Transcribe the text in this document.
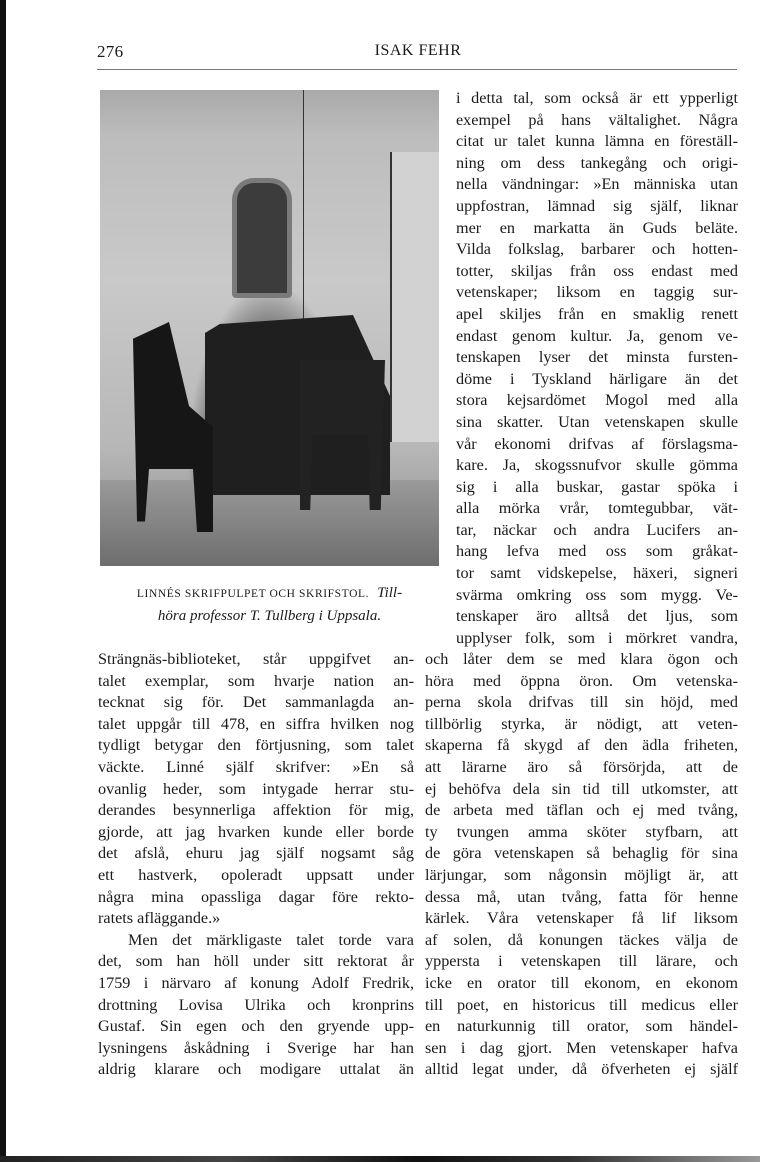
276	ISAK FEHR
LINNÉS SKRIFPULPET OCH SKRIFSTOL. Till-
höra professor T. Tullberg i Uppsala.
i detta tal, som också är ett ypperligt
exempel på hans vältalighet. Några
citat ur talet kunna lämna en föreställ-
ning om dess tankegång och origi-
nella vändningar: »En människa utan
uppfostran, lämnad sig själf, liknar
mer en markatta än Guds beläte.
Vilda folkslag, barbarer och hotten-
totter, skiljas från oss endast med
vetenskaper; liksom en taggig sur-
apel skiljes från en smaklig renett
endast genom kultur. Ja, genom ve-
tenskapen lyser det minsta fursten-
döme i Tyskland härligare än det
stora kejsardömet Mogol med alla
sina skatter. Utan vetenskapen skulle
vår ekonomi drifvas af förslagsma-
kare. Ja, skogssnufvor skulle gömma
sig i alla buskar, gastar spöka i
alla mörka vrår, tomtegubbar, vät-
tar, näckar och andra Lucifers an-
hang lefva med oss som gråkat-
tor samt vidskepelse, häxeri, signeri
svärma omkring oss som mygg. Ve-
tenskaper äro alltså det ljus, som
upplyser folk, som i mörkret vandra,
Strängnäs-biblioteket, står uppgifvet an-
talet exemplar, som hvarje nation an-
tecknat sig för. Det sammanlagda an-
talet uppgår till 478, en siffra hvilken nog
tydligt betygar den förtjusning, som talet
väckte. Linné själf skrifver: »En så
ovanlig heder, som intygade herrar stu-
derandes besynnerliga affektion för mig,
gjorde, att jag hvarken kunde eller borde
det afslå, ehuru jag själf nogsamt såg
ett hastverk, opoleradt uppsatt under
några mina opassliga dagar före rekto-
ratets afläggande.»
Men det märkligaste talet torde vara
det, som han höll under sitt rektorat år
1759 i närvaro af konung Adolf Fredrik,
drottning Lovisa Ulrika och kronprins
Gustaf. Sin egen och den gryende upp-
lysningens åskådning i Sverige har han
aldrig klarare och modigare uttalat än
och låter dem se med klara ögon och
höra med öppna öron. Om vetenska-
perna skola drifvas till sin höjd, med
tillbörlig styrka, är nödigt, att veten-
skaperna få skygd af den ädla friheten,
att lärarne äro så försörjda, att de
ej behöfva dela sin tid till utkomster, att
de arbeta med täflan och ej med tvång,
ty tvungen amma sköter styfbarn, att
de göra vetenskapen så behaglig för sina
lärjungar, som någonsin möjligt är, att
dessa må, utan tvång, fatta för henne
kärlek. Våra vetenskaper få lif liksom
af solen, då konungen täckes välja de
yppersta i vetenskapen till lärare, och
icke en orator till ekonom, en ekonom
till poet, en historicus till medicus eller
en naturkunnig till orator, som händel-
sen i dag gjort. Men vetenskaper hafva
alltid legat under, då öfverheten ej själf
